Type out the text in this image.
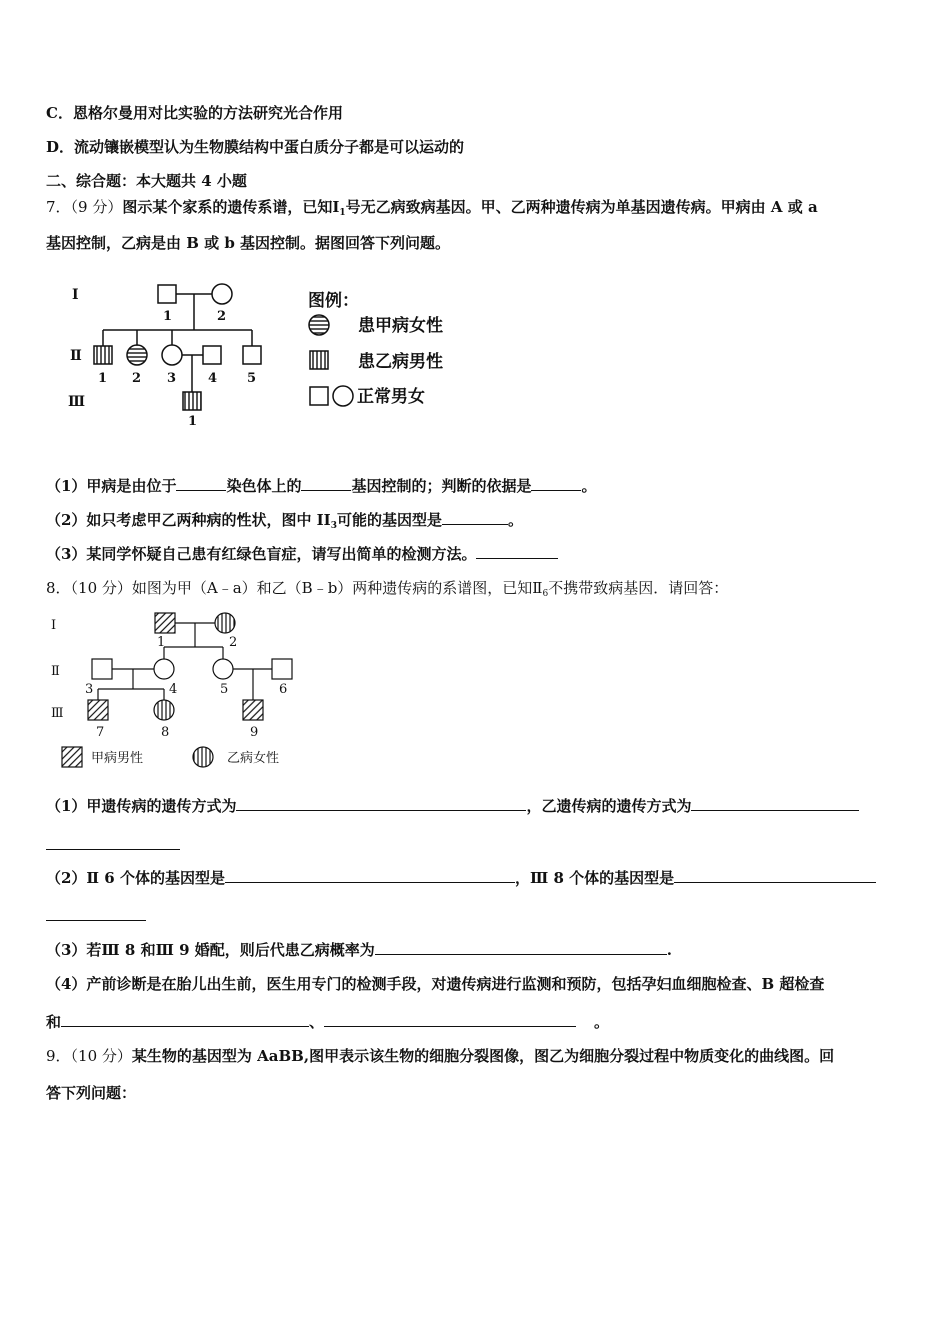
C．恩格尔曼用对比实验的方法研究光合作用
D．流动镶嵌模型认为生物膜结构中蛋白质分子都是可以运动的
二、综合题：本大题共 4 小题
7．（9 分）图示某个家系的遗传系谱，已知$Ⅰ_1$号无乙病致病基因。甲、乙两种遗传病为单基因遗传病。甲病由 A 或 a
基因控制，乙病是由 B 或 b 基因控制。据图回答下列问题。
Ⅰ
Ⅱ
Ⅲ
1	2
1 2 3 4 5
1
图例：
患甲病女性
患乙病男性
正常男女
（1）甲病是由位于	染色体上的	基因控制的；判断的依据是	。
（2）如只考虑甲乙两种病的性状，图中 $II_3$可能的基因型是	。
（3）某同学怀疑自己患有红绿色盲症，请写出简单的检测方法。
8．（10 分）如图为甲（A﹣a）和乙（B﹣b）两种遗传病的系谱图，已知$Ⅱ_6$不携带致病基因．请回答：
Ⅰ
Ⅱ
Ⅲ
1	2
3	4	5	6
7	8	9
甲病男性	乙病女性
（1）甲遗传病的遗传方式为	，乙遗传病的遗传方式为
（2）Ⅱ 6 个体的基因型是	，Ⅲ 8 个体的基因型是
（3）若Ⅲ 8 和Ⅲ 9 婚配，则后代患乙病概率为	.
（4）产前诊断是在胎儿出生前，医生用专门的检测手段，对遗传病进行监测和预防，包括孕妇血细胞检查、B 超检查
和	、	。
9．（10 分）某生物的基因型为 AaBB,图甲表示该生物的细胞分裂图像，图乙为细胞分裂过程中物质变化的曲线图。回
答下列问题：
